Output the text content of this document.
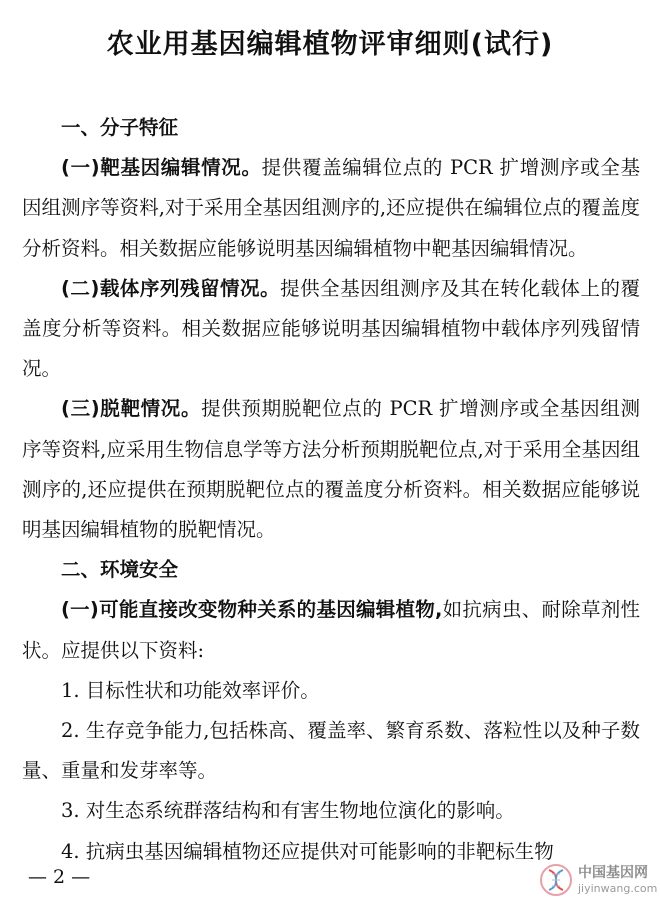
农业用基因编辑植物评审细则(试行)

一、分子特征

(一)靶基因编辑情况。提供覆盖编辑位点的 PCR 扩增测序或全基因组测序等资料,对于采用全基因组测序的,还应提供在编辑位点的覆盖度分析资料。相关数据应能够说明基因编辑植物中靶基因编辑情况。

(二)载体序列残留情况。提供全基因组测序及其在转化载体上的覆盖度分析等资料。相关数据应能够说明基因编辑植物中载体序列残留情况。

(三)脱靶情况。提供预期脱靶位点的 PCR 扩增测序或全基因组测序等资料,应采用生物信息学等方法分析预期脱靶位点,对于采用全基因组测序的,还应提供在预期脱靶位点的覆盖度分析资料。相关数据应能够说明基因编辑植物的脱靶情况。

二、环境安全

(一)可能直接改变物种关系的基因编辑植物,如抗病虫、耐除草剂性状。应提供以下资料:

1. 目标性状和功能效率评价。

2. 生存竞争能力,包括株高、覆盖率、繁育系数、落粒性以及种子数量、重量和发芽率等。

3. 对生态系统群落结构和有害生物地位演化的影响。

4. 抗病虫基因编辑植物还应提供对可能影响的非靶标生物

— 2 —	中国基因网
jiyinwang.com
